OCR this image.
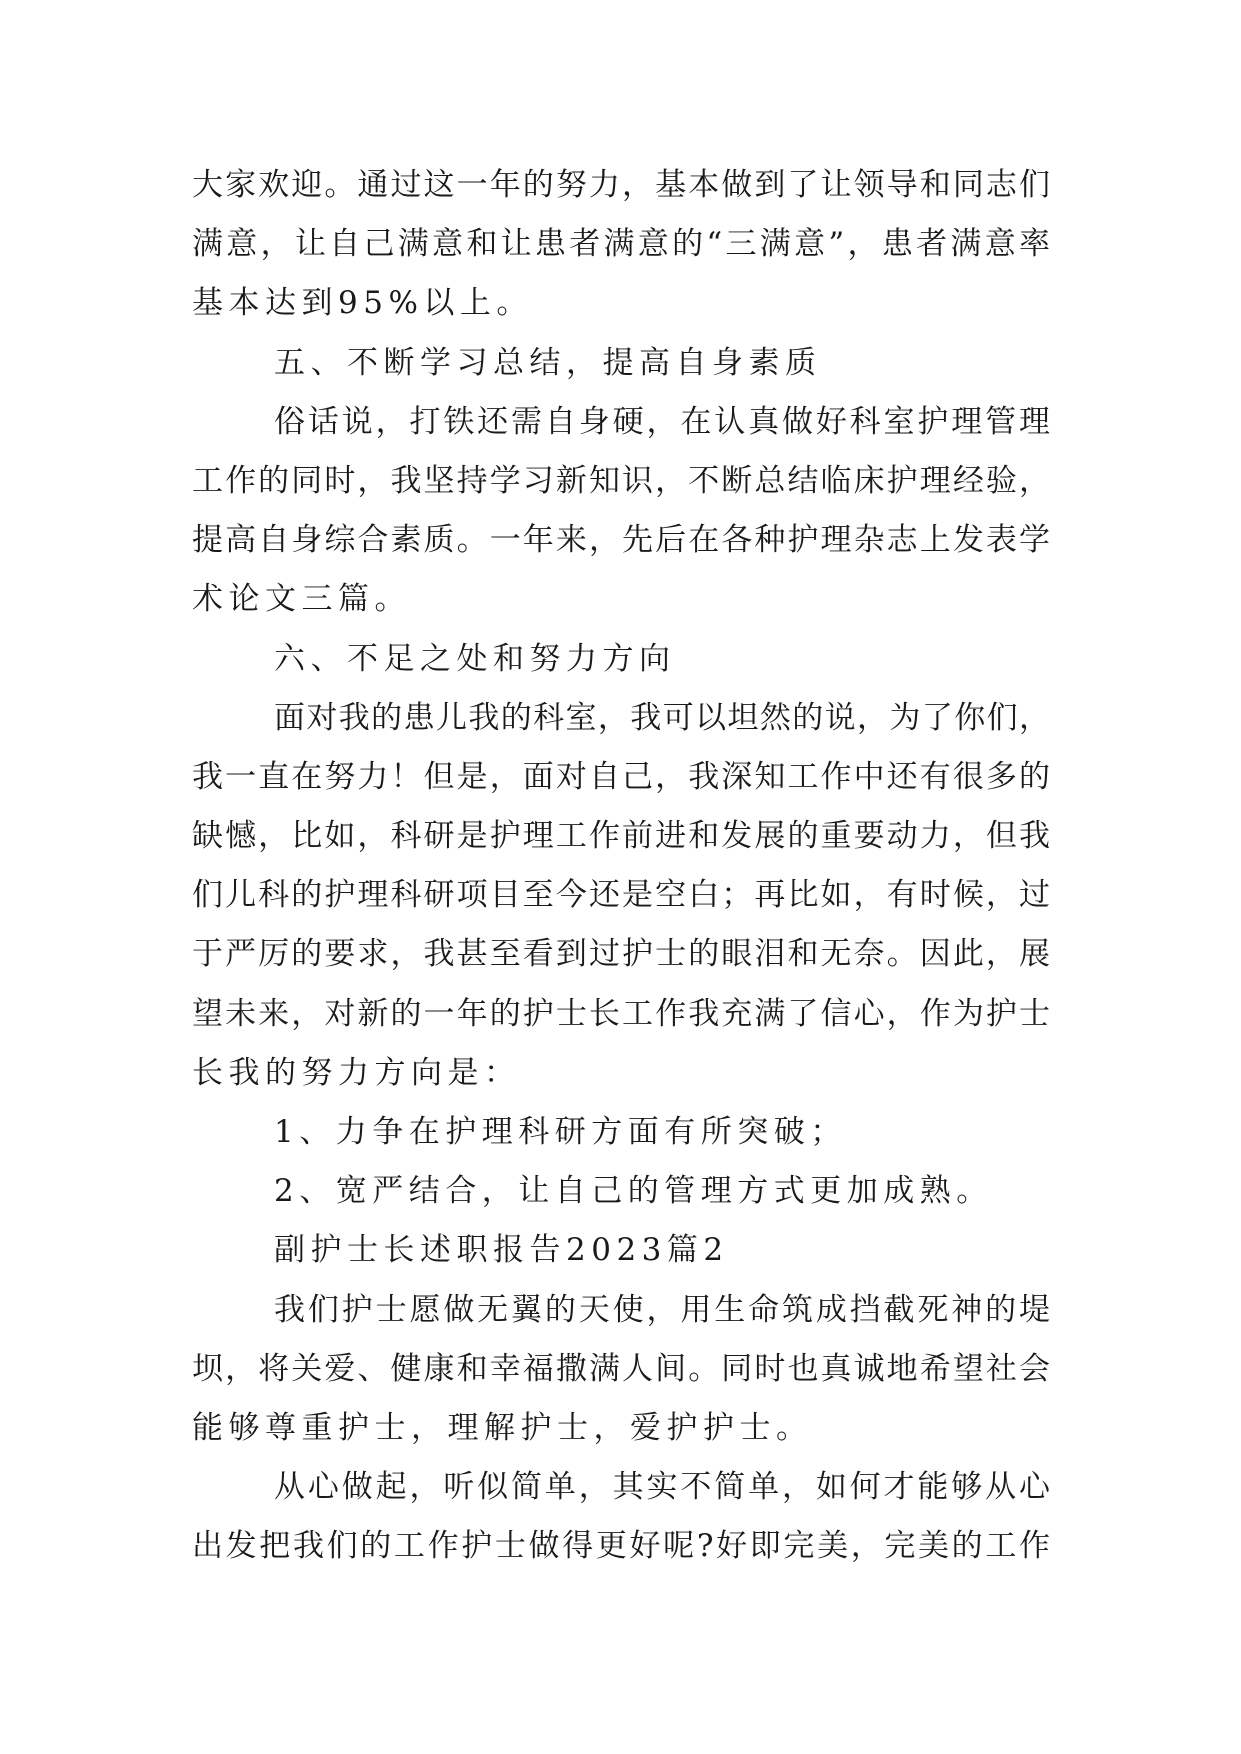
大家欢迎。通过这一年的努力，基本做到了让领导和同志们
满意，让自己满意和让患者满意的“三满意”，患者满意率
基本达到95%以上。
五、不断学习总结，提高自身素质
俗话说，打铁还需自身硬，在认真做好科室护理管理
工作的同时，我坚持学习新知识，不断总结临床护理经验，
提高自身综合素质。一年来，先后在各种护理杂志上发表学
术论文三篇。
六、不足之处和努力方向
面对我的患儿我的科室，我可以坦然的说，为了你们，
我一直在努力！但是，面对自己，我深知工作中还有很多的
缺憾，比如，科研是护理工作前进和发展的重要动力，但我
们儿科的护理科研项目至今还是空白；再比如，有时候，过
于严厉的要求，我甚至看到过护士的眼泪和无奈。因此，展
望未来，对新的一年的护士长工作我充满了信心，作为护士
长我的努力方向是：
1、力争在护理科研方面有所突破；
2、宽严结合，让自己的管理方式更加成熟。
副护士长述职报告2023篇2
我们护士愿做无翼的天使，用生命筑成挡截死神的堤
坝，将关爱、健康和幸福撒满人间。同时也真诚地希望社会
能够尊重护士，理解护士，爱护护士。
从心做起，听似简单，其实不简单，如何才能够从心
出发把我们的工作护士做得更好呢?好即完美，完美的工作
